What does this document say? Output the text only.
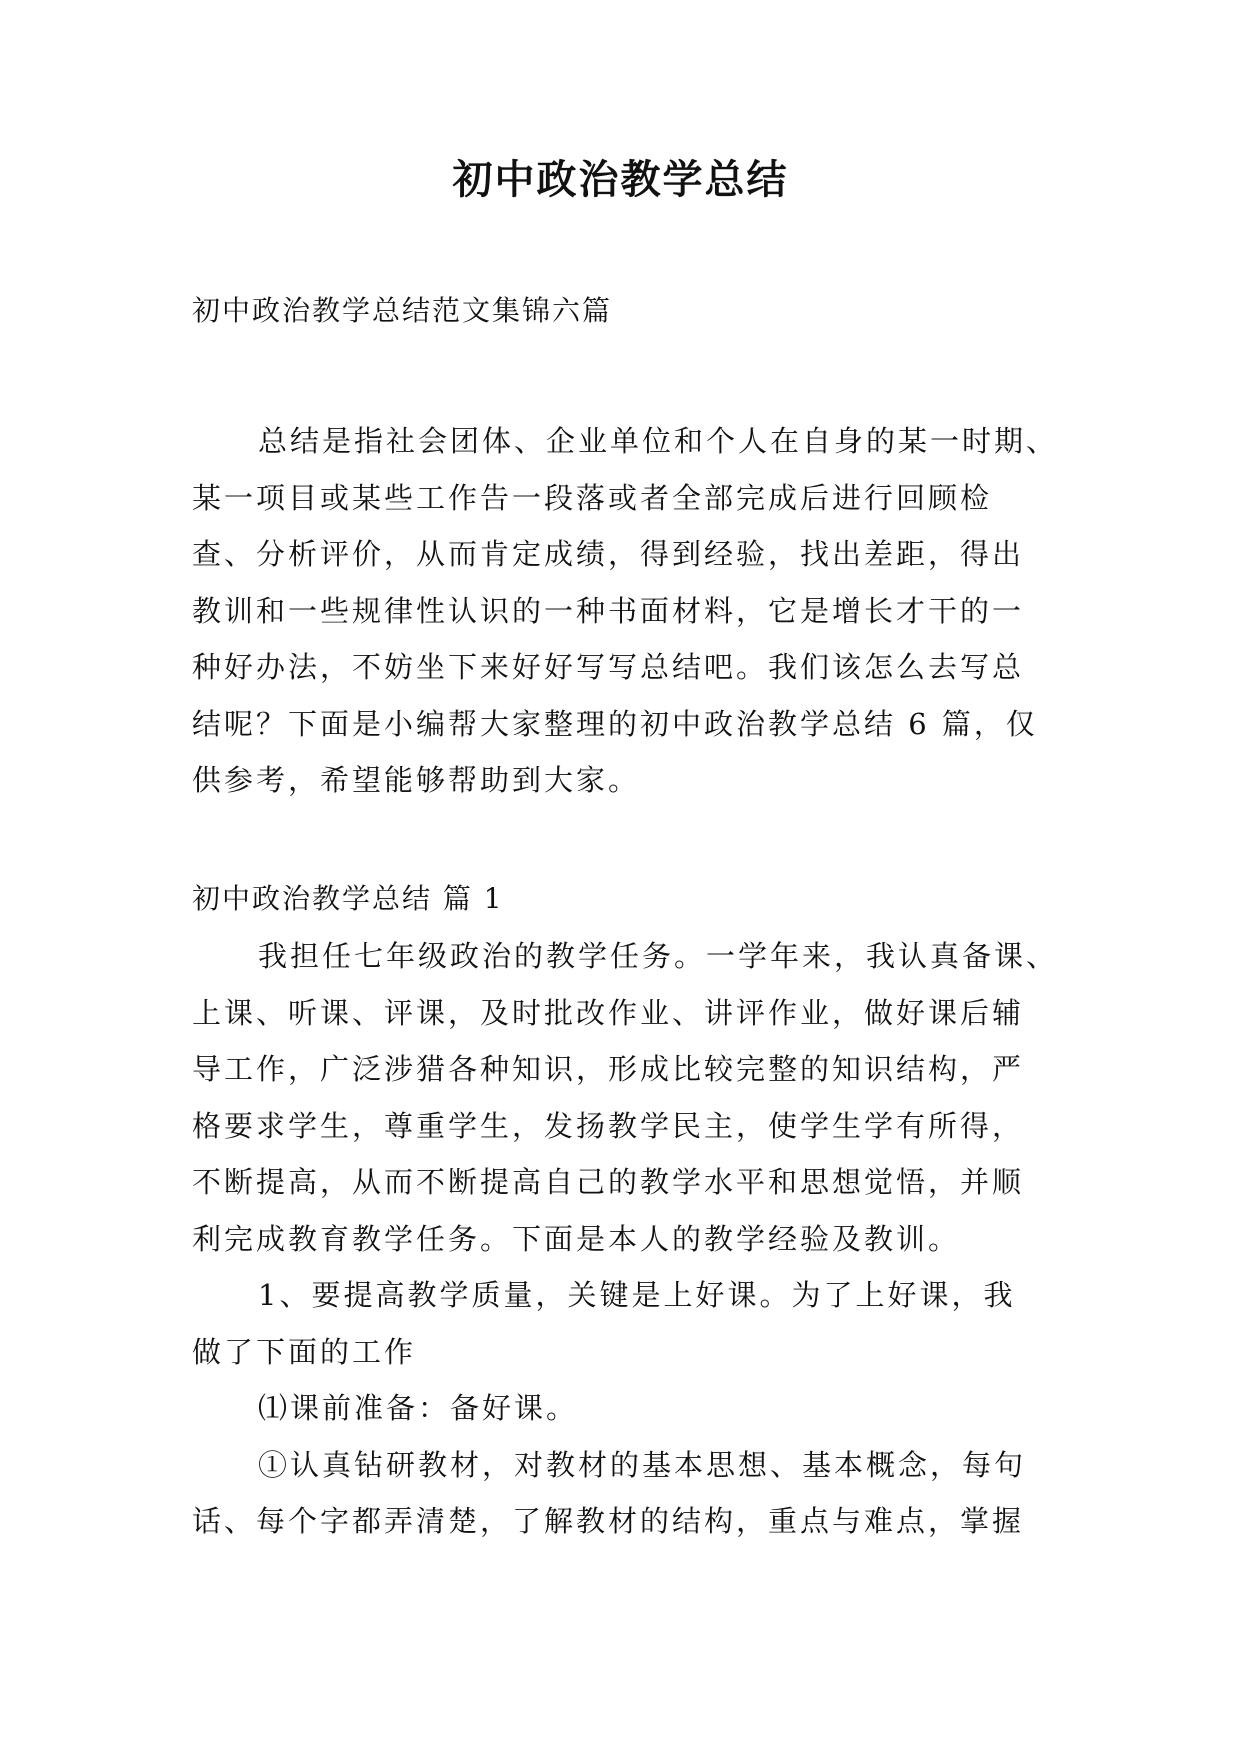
初中政治教学总结
初中政治教学总结范文集锦六篇
总结是指社会团体、企业单位和个人在自身的某一时期、
某一项目或某些工作告一段落或者全部完成后进行回顾检
查、分析评价，从而肯定成绩，得到经验，找出差距，得出
教训和一些规律性认识的一种书面材料，它是增长才干的一
种好办法，不妨坐下来好好写写总结吧。我们该怎么去写总
结呢？下面是小编帮大家整理的初中政治教学总结 6 篇，仅
供参考，希望能够帮助到大家。
初中政治教学总结 篇 1
我担任七年级政治的教学任务。一学年来，我认真备课、
上课、听课、评课，及时批改作业、讲评作业，做好课后辅
导工作，广泛涉猎各种知识，形成比较完整的知识结构，严
格要求学生，尊重学生，发扬教学民主，使学生学有所得，
不断提高，从而不断提高自己的教学水平和思想觉悟，并顺
利完成教育教学任务。下面是本人的教学经验及教训。
1、要提高教学质量，关键是上好课。为了上好课，我
做了下面的工作
⑴课前准备：备好课。
①认真钻研教材，对教材的基本思想、基本概念，每句
话、每个字都弄清楚，了解教材的结构，重点与难点，掌握
